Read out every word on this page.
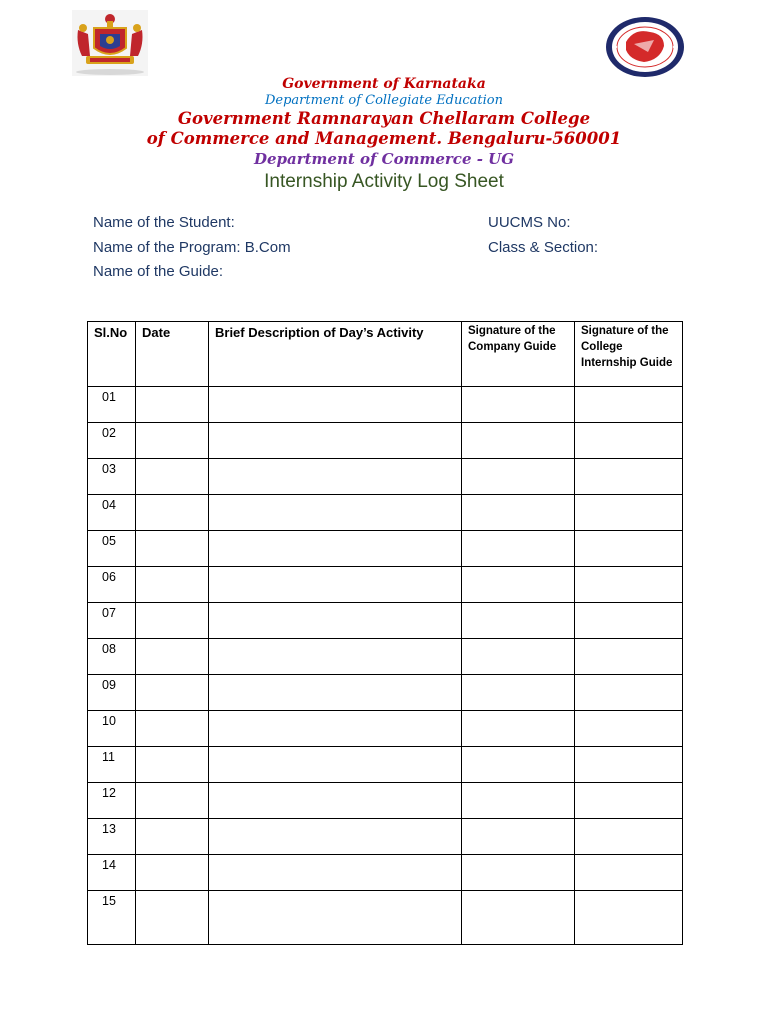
Government of Karnataka
Department of Collegiate Education
Government Ramnarayan Chellaram College
of Commerce and Management. Bengaluru-560001
Department of Commerce - UG
Internship Activity Log Sheet

Name of the Student:

Name of the Program: B.Com

Name of the Guide:

UUCMS No:

Class & Section:

Sl.No	Date	Brief Description of Day’s Activity	Signature of the Company Guide	Signature of the College Internship Guide
01				
02				
03				
04				
05				
06				
07				
08				
09				
10				
11				
12				
13				
14				
15				
